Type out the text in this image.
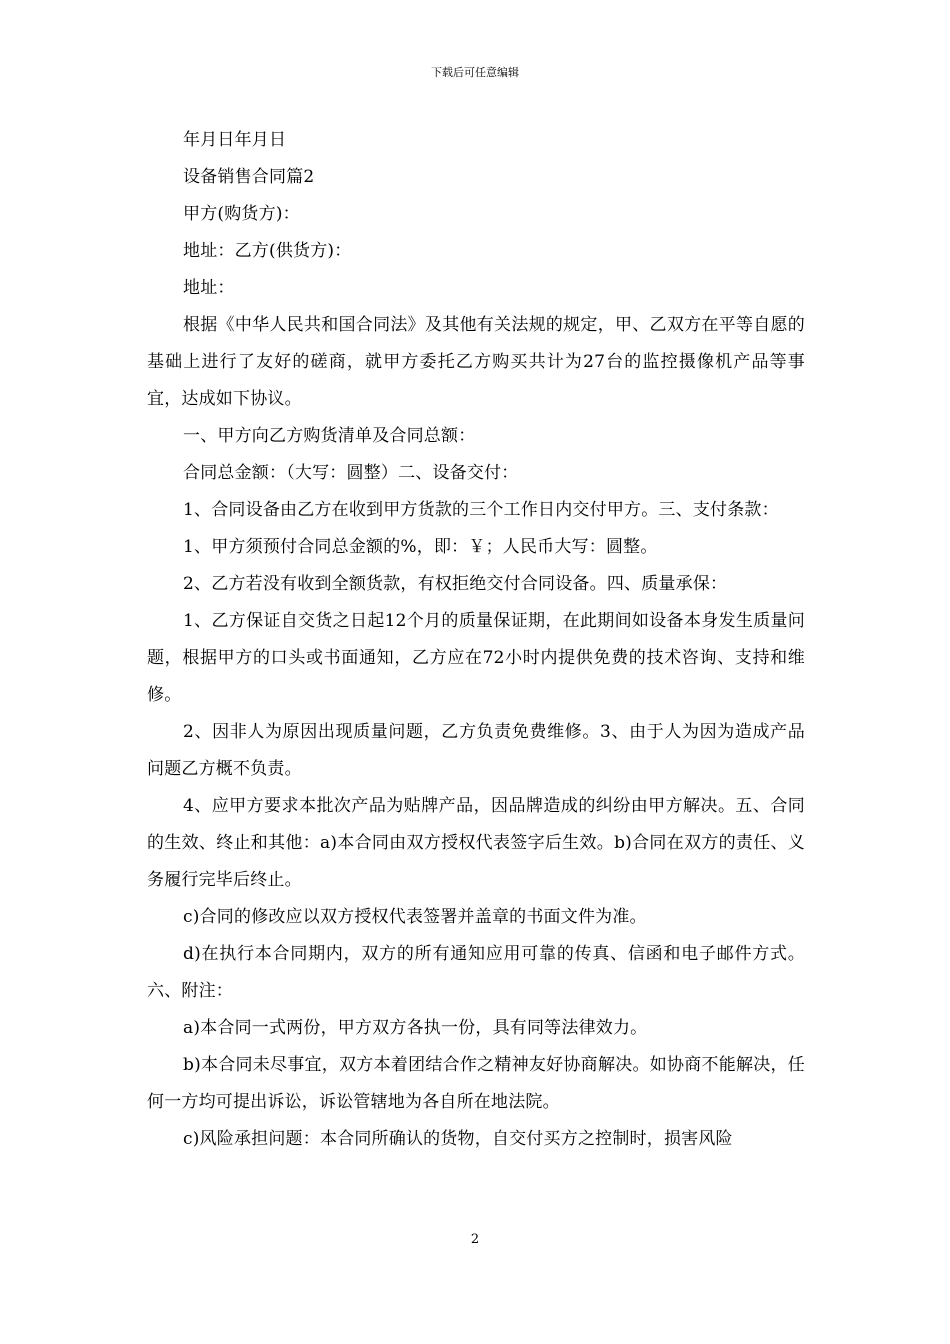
下载后可任意编辑

年月日年月日

设备销售合同篇2

甲方(购货方)：

地址：乙方(供货方)：

地址：

根据《中华人民共和国合同法》及其他有关法规的规定，甲、乙双方在平等自愿的基础上进行了友好的磋商，就甲方委托乙方购买共计为27台的监控摄像机产品等事宜，达成如下协议。

一、甲方向乙方购货清单及合同总额：

合同总金额：（大写：圆整）二、设备交付：

1、合同设备由乙方在收到甲方货款的三个工作日内交付甲方。三、支付条款：

1、甲方须预付合同总金额的%，即：￥；人民币大写：圆整。

2、乙方若没有收到全额货款，有权拒绝交付合同设备。四、质量承保：

1、乙方保证自交货之日起12个月的质量保证期，在此期间如设备本身发生质量问题，根据甲方的口头或书面通知，乙方应在72小时内提供免费的技术咨询、支持和维修。

2、因非人为原因出现质量问题，乙方负责免费维修。3、由于人为因为造成产品问题乙方概不负责。

4、应甲方要求本批次产品为贴牌产品，因品牌造成的纠纷由甲方解决。五、合同的生效、终止和其他：a)本合同由双方授权代表签字后生效。b)合同在双方的责任、义务履行完毕后终止。

c)合同的修改应以双方授权代表签署并盖章的书面文件为准。

d)在执行本合同期内，双方的所有通知应用可靠的传真、信函和电子邮件方式。六、附注：

a)本合同一式两份，甲方双方各执一份，具有同等法律效力。

b)本合同未尽事宜，双方本着团结合作之精神友好协商解决。如协商不能解决，任何一方均可提出诉讼，诉讼管辖地为各自所在地法院。

c)风险承担问题：本合同所确认的货物，自交付买方之控制时，损害风险

2
